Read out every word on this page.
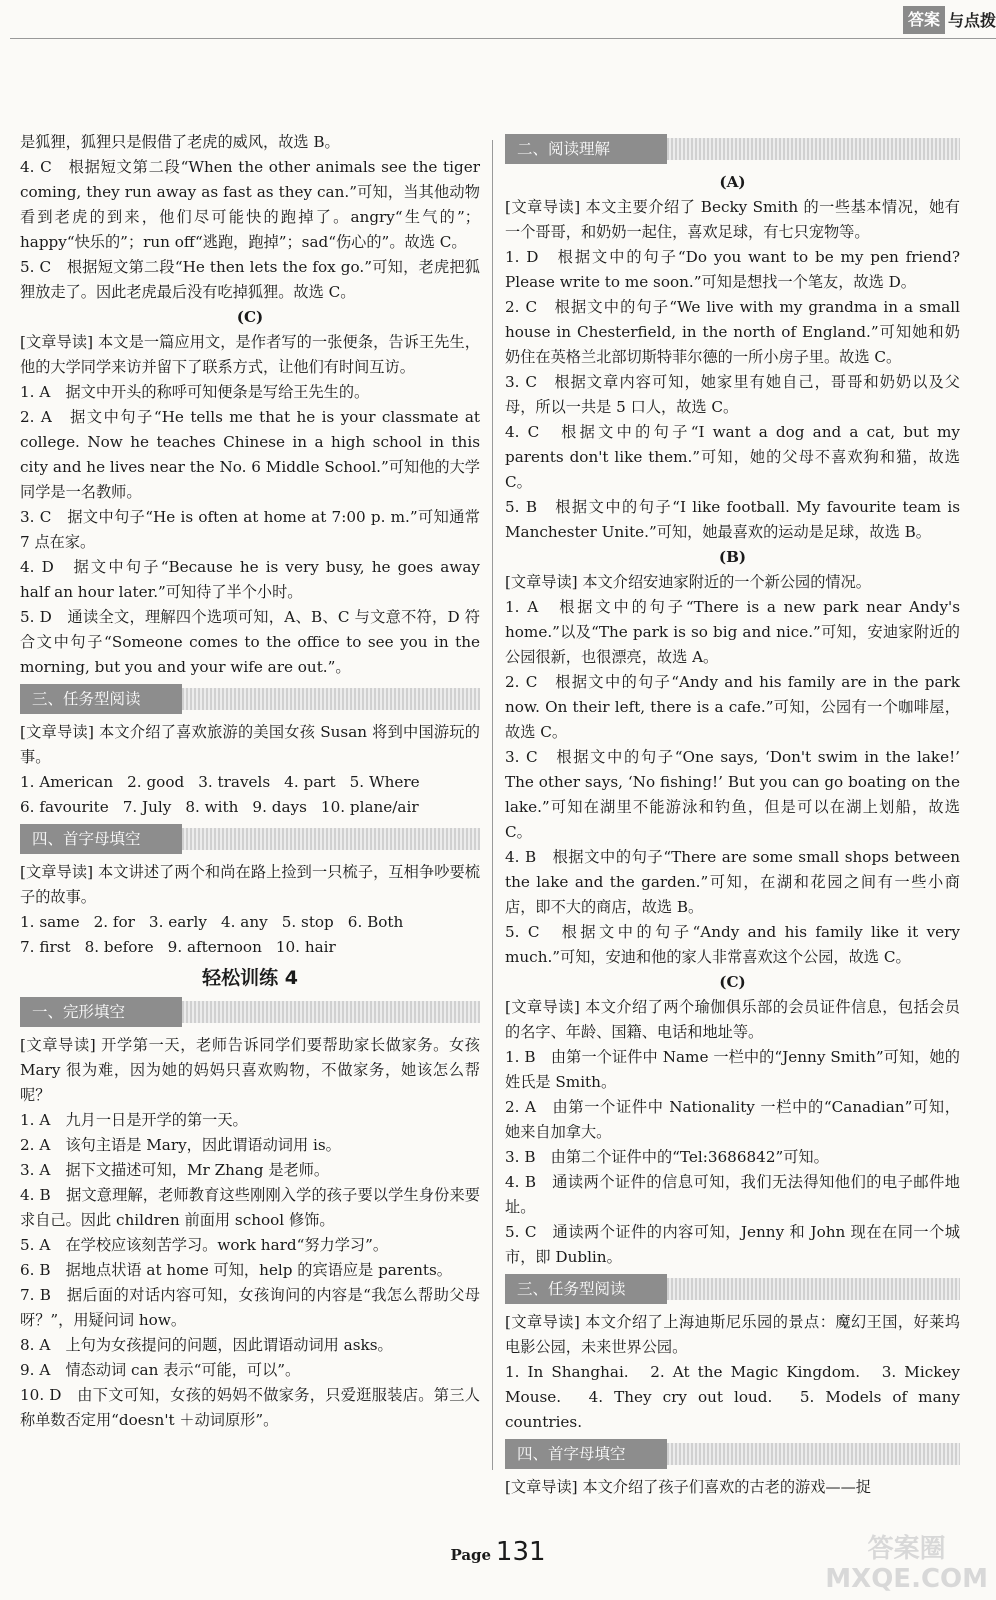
答案 与点拨

是狐狸，狐狸只是假借了老虎的威风，故选 B。

4. C　根据短文第二段“When the other animals see the tiger coming, they run away as fast as they can.”可知，当其他动物看到老虎的到来，他们尽可能快的跑掉了。angry“生气的”；happy“快乐的”；run off“逃跑，跑掉”；sad“伤心的”。故选 C。

5. C　根据短文第二段“He then lets the fox go.”可知，老虎把狐狸放走了。因此老虎最后没有吃掉狐狸。故选 C。

(C)

[文章导读] 本文是一篇应用文，是作者写的一张便条，告诉王先生，他的大学同学来访并留下了联系方式，让他们有时间互访。

1. A　据文中开头的称呼可知便条是写给王先生的。

2. A　据文中句子“He tells me that he is your classmate at college. Now he teaches Chinese in a high school in this city and he lives near the No. 6 Middle School.”可知他的大学同学是一名教师。

3. C　据文中句子“He is often at home at 7:00 p. m.”可知通常 7 点在家。

4. D　据文中句子“Because he is very busy, he goes away half an hour later.”可知待了半个小时。

5. D　通读全文，理解四个选项可知，A、B、C 与文意不符，D 符合文中句子“Someone comes to the office to see you in the morning, but you and your wife are out.”。

三、任务型阅读

[文章导读] 本文介绍了喜欢旅游的美国女孩 Susan 将到中国游玩的事。

1. American 2. good 3. travels 4. part 5. Where
6. favourite 7. July 8. with 9. days 10. plane/air
四、首字母填空

[文章导读] 本文讲述了两个和尚在路上捡到一只梳子，互相争吵要梳子的故事。

1. same 2. for 3. early 4. any 5. stop 6. Both
7. first 8. before 9. afternoon 10. hair

轻松训练 4

一、完形填空

[文章导读] 开学第一天，老师告诉同学们要帮助家长做家务。女孩 Mary 很为难，因为她的妈妈只喜欢购物，不做家务，她该怎么帮呢？

1. A　九月一日是开学的第一天。

2. A　该句主语是 Mary，因此谓语动词用 is。

3. A　据下文描述可知，Mr Zhang 是老师。

4. B　据文意理解，老师教育这些刚刚入学的孩子要以学生身份来要求自己。因此 children 前面用 school 修饰。

5. A　在学校应该刻苦学习。work hard“努力学习”。

6. B　据地点状语 at home 可知，help 的宾语应是 parents。

7. B　据后面的对话内容可知，女孩询问的内容是“我怎么帮助父母呀？”，用疑问词 how。

8. A　上句为女孩提问的问题，因此谓语动词用 asks。

9. A　情态动词 can 表示“可能，可以”。

10. D　由下文可知，女孩的妈妈不做家务，只爱逛服装店。第三人称单数否定用“doesn't ＋动词原形”。

二、阅读理解

(A)

[文章导读] 本文主要介绍了 Becky Smith 的一些基本情况，她有一个哥哥，和奶奶一起住，喜欢足球，有七只宠物等。

1. D　根据文中的句子“Do you want to be my pen friend? Please write to me soon.”可知是想找一个笔友，故选 D。

2. C　根据文中的句子“We live with my grandma in a small house in Chesterfield, in the north of England.”可知她和奶奶住在英格兰北部切斯特菲尔德的一所小房子里。故选 C。

3. C　根据文章内容可知，她家里有她自己，哥哥和奶奶以及父母，所以一共是 5 口人，故选 C。

4. C　根据文中的句子“I want a dog and a cat, but my parents don't like them.”可知，她的父母不喜欢狗和猫，故选 C。

5. B　根据文中的句子“I like football. My favourite team is Manchester Unite.”可知，她最喜欢的运动是足球，故选 B。

(B)

[文章导读] 本文介绍安迪家附近的一个新公园的情况。

1. A　根据文中的句子“There is a new park near Andy's home.”以及“The park is so big and nice.”可知，安迪家附近的公园很新，也很漂亮，故选 A。

2. C　根据文中的句子“Andy and his family are in the park now. On their left, there is a cafe.”可知，公园有一个咖啡屋，故选 C。

3. C　根据文中的句子“One says, ‘Don't swim in the lake!’ The other says, ‘No fishing!’ But you can go boating on the lake.”可知在湖里不能游泳和钓鱼，但是可以在湖上划船，故选 C。

4. B　根据文中的句子“There are some small shops between the lake and the garden.”可知，在湖和花园之间有一些小商店，即不大的商店，故选 B。

5. C　根据文中的句子“Andy and his family like it very much.”可知，安迪和他的家人非常喜欢这个公园，故选 C。

(C)

[文章导读] 本文介绍了两个瑜伽俱乐部的会员证件信息，包括会员的名字、年龄、国籍、电话和地址等。

1. B　由第一个证件中 Name 一栏中的“Jenny Smith”可知，她的姓氏是 Smith。

2. A　由第一个证件中 Nationality 一栏中的“Canadian”可知，她来自加拿大。

3. B　由第二个证件中的“Tel:3686842”可知。

4. B　通读两个证件的信息可知，我们无法得知他们的电子邮件地址。

5. C　通读两个证件的内容可知，Jenny 和 John 现在在同一个城市，即 Dublin。

三、任务型阅读

[文章导读] 本文介绍了上海迪斯尼乐园的景点：魔幻王国，好莱坞电影公园，未来世界公园。

1. In Shanghai.　2. At the Magic Kingdom.　3. Mickey Mouse.　4. They cry out loud.　5. Models of many countries.

四、首字母填空

[文章导读] 本文介绍了孩子们喜欢的古老的游戏——捉

Page 131	答案圈
MXQE.COM
